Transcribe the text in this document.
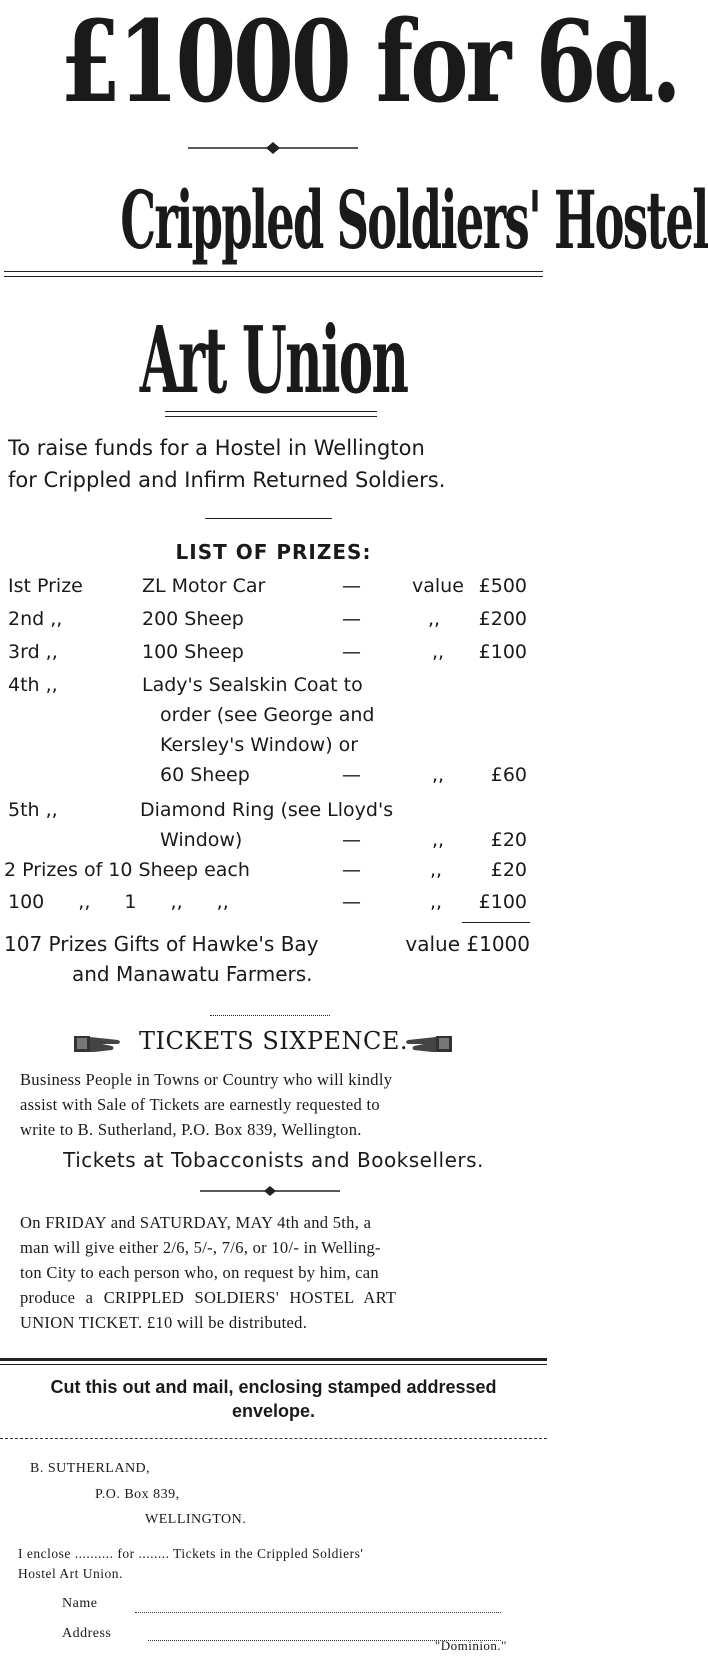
£1000 for 6d.
Crippled Soldiers' Hostel
Art Union
To raise funds for a Hostel in Wellington
for Crippled and Infirm Returned Soldiers.
LIST OF PRIZES:
Ist Prize	ZL Motor Car	—	value £500
2nd ,,	200 Sheep	—	,, £200
3rd ,,	100 Sheep	—	,, £100
4th ,,	Lady's Sealskin Coat to
order (see George and
Kersley's Window) or
60 Sheep	—	,, £60
5th ,,	Diamond Ring (see Lloyd's
Window)	—	,, £20
2 Prizes of 10 Sheep each	—	,,	£20
100 ,, 1 ,, ,,	—	,, £100
107 Prizes Gifts of Hawke's Bay	value £1000
and Manawatu Farmers.
TICKETS SIXPENCE.
Business People in Towns or Country who will kindly
assist with Sale of Tickets are earnestly requested to
write to B. Sutherland, P.O. Box 839, Wellington.
Tickets at Tobacconists and Booksellers.
On FRIDAY and SATURDAY, MAY 4th and 5th, a
man will give either 2/6, 5/-, 7/6, or 10/- in Welling-
ton City to each person who, on request by him, can
produce a CRIPPLED SOLDIERS' HOSTEL ART
UNION TICKET. £10 will be distributed.
Cut this out and mail, enclosing stamped addressed
envelope.
B. SUTHERLAND,
P.O. Box 839,
WELLINGTON.
I enclose .......... for ........ Tickets in the Crippled Soldiers'
Hostel Art Union.
Name
Address
"Dominion."
